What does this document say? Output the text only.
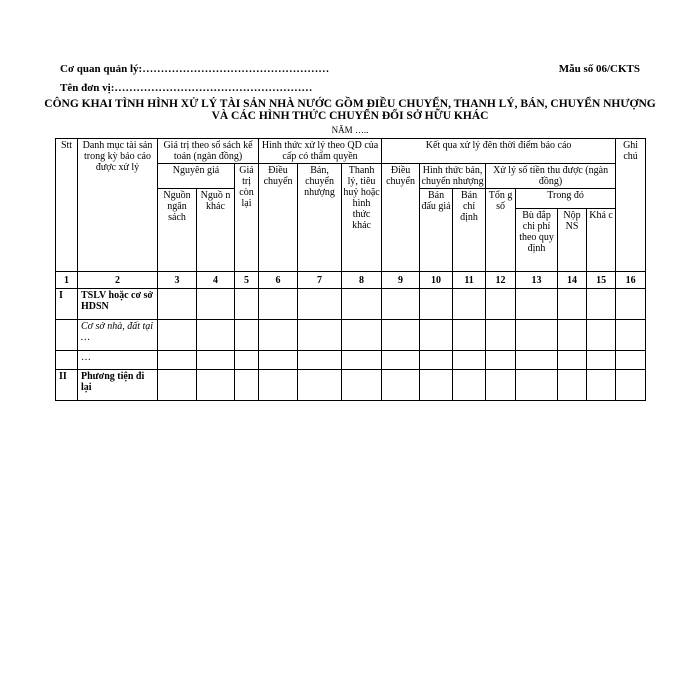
Cơ quan quản lý:……………………………………………	Mẫu số 06/CKTS
Tên đơn vị:………………………………………………
CÔNG KHAI TÌNH HÌNH XỬ LÝ TÀI SẢN NHÀ NƯỚC GỒM ĐIỀU CHUYỂN, THANH LÝ, BÁN, CHUYỂN NHƯỢNG
VÀ CÁC HÌNH THỨC CHUYỂN ĐỔI SỞ HỮU KHÁC
NĂM …..
Stt	Danh mục tài sản trong kỳ báo cáo được xử lý	Giá trị theo sổ sách kế toán (ngàn đồng)			Hình thức xử lý theo QD của cấp có thẩm quyền			Kết qua xử lý đên thời điểm báo cáo							Ghi chú
		Nguyên giá		Giá trị còn lại	Điều chuyển	Bán, chuyển nhượng	Thanh lý, tiêu huỷ hoặc hình thức khác	Điều chuyển	Hình thức bán, chuyển nhượng		Xử lý số tiền thu được (ngàn đồng)				
		Nguồn ngân sách	Nguồ n khác						Bán đấu giá	Bán chỉ định	Tổn g số	Trong đó			
												Bù đắp chi phí theo quy định	Nộp NS	Khá c	
1	2	3	4	5	6	7	8	9	10	11	12	13	14	15	16
I	TSLV hoặc cơ sở HDSN														
	Cơ sở nhà, đất tại …														
	…														
II	Phương tiện đi lại														
